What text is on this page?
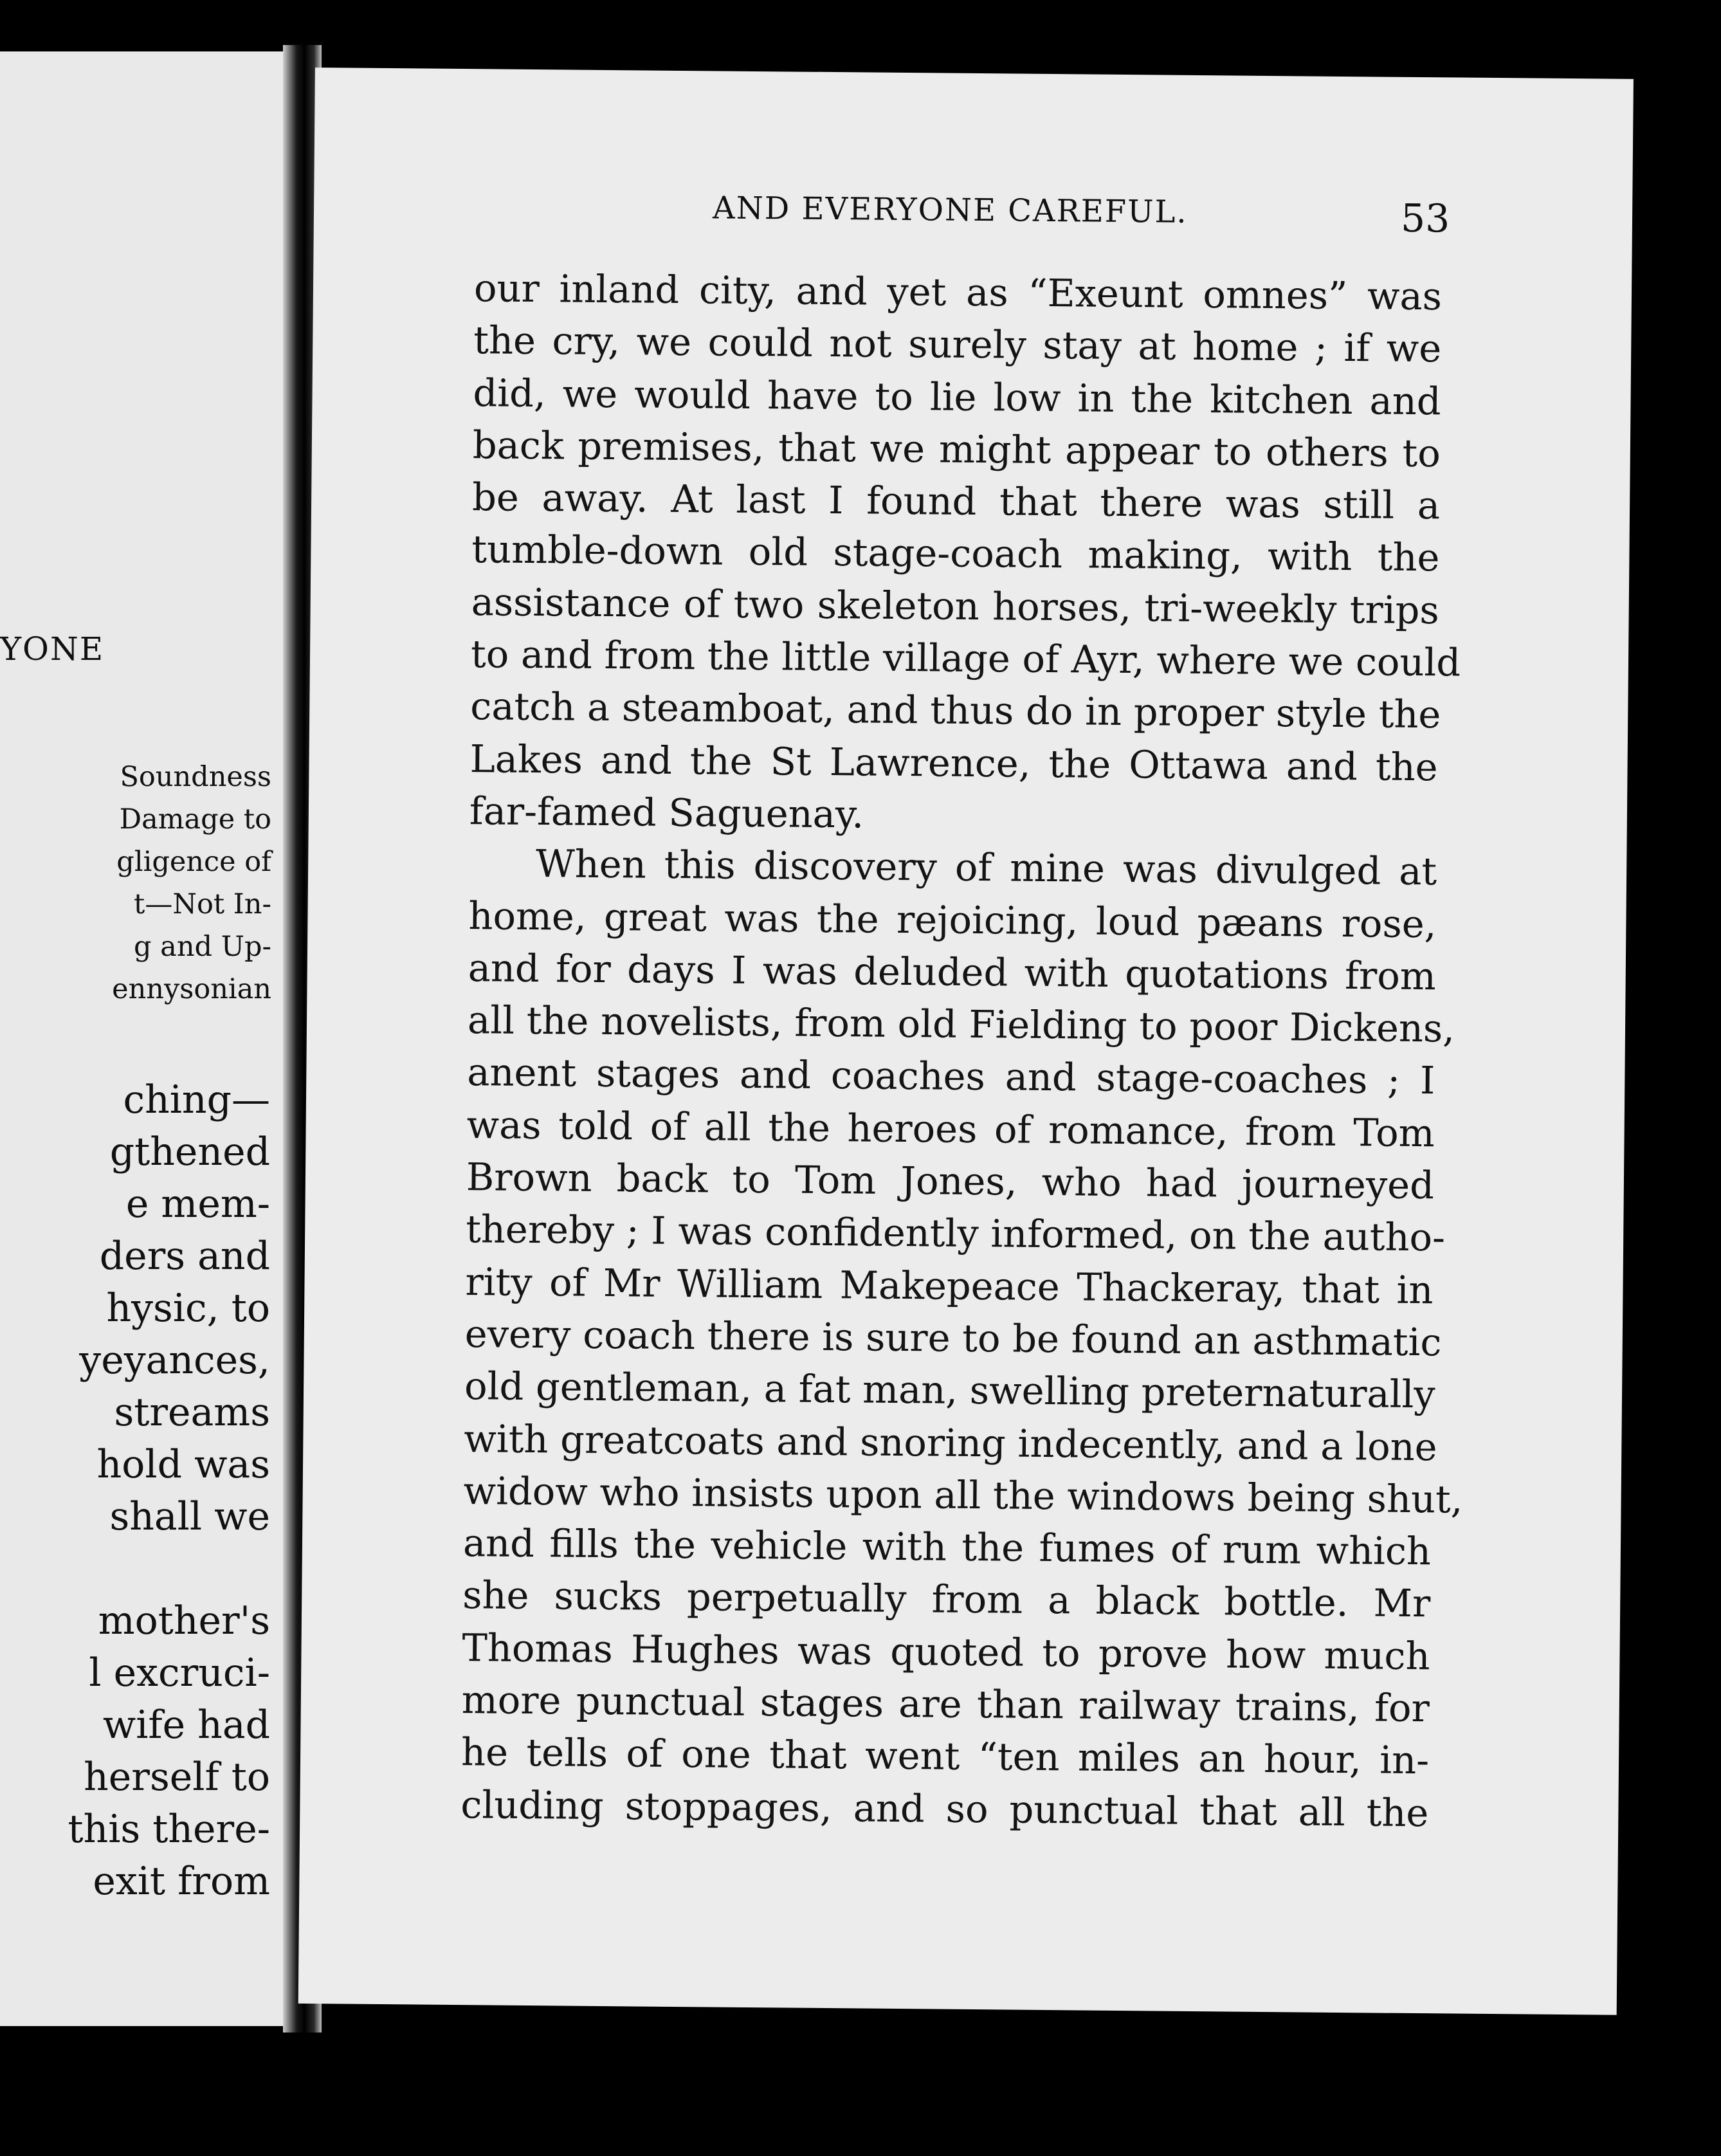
YONE
Soundness
Damage to
gligence of
t—Not In-
g and Up-
ennysonian
ching—
gthened
e mem-
ders and
hysic, to
yeyances,
streams
hold was
shall we
mother's
l excruci-
wife had
herself to
this there-
exit from
AND EVERYONE CAREFUL.	53
our inland city, and yet as “Exeunt omnes” was
the cry, we could not surely stay at home ; if we
did, we would have to lie low in the kitchen and
back premises, that we might appear to others to
be away. At last I found that there was still a
tumble-down old stage-coach making, with the
assistance of two skeleton horses, tri-weekly trips
to and from the little village of Ayr, where we could
catch a steamboat, and thus do in proper style the
Lakes and the St Lawrence, the Ottawa and the
far-famed Saguenay.
When this discovery of mine was divulged at
home, great was the rejoicing, loud pæans rose,
and for days I was deluded with quotations from
all the novelists, from old Fielding to poor Dickens,
anent stages and coaches and stage-coaches ; I
was told of all the heroes of romance, from Tom
Brown back to Tom Jones, who had journeyed
thereby ; I was confidently informed, on the autho-
rity of Mr William Makepeace Thackeray, that in
every coach there is sure to be found an asthmatic
old gentleman, a fat man, swelling preternaturally
with greatcoats and snoring indecently, and a lone
widow who insists upon all the windows being shut,
and fills the vehicle with the fumes of rum which
she sucks perpetually from a black bottle. Mr
Thomas Hughes was quoted to prove how much
more punctual stages are than railway trains, for
he tells of one that went “ten miles an hour, in-
cluding stoppages, and so punctual that all the
